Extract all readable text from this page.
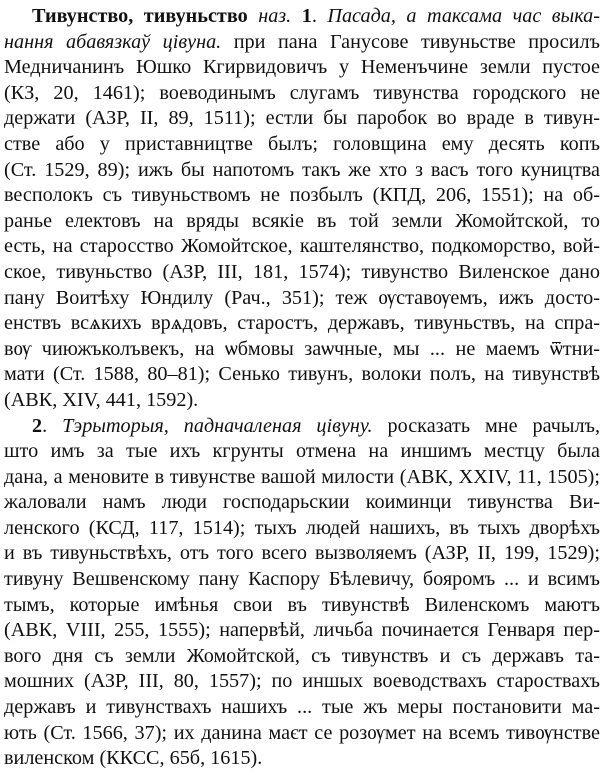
Тивунство, тивуньство наз. 1. Пасада, а таксама час выка-
нання абавязкаў цівуна. при пана Ганусове тивуньстве просилъ
Медничанинъ Юшко Кгирвидовичъ у Неменъчине земли пустое
(КЗ, 20, 1461); воеводинымъ слугамъ тивунства городского не
держати (АЗР, II, 89, 1511); естли бы паробок во враде в тивун-
стве або у приставництве былъ; головщина ему десять копъ
(Ст. 1529, 89); ижъ бы напотомъ такъ же хто з васъ того куництва
весполокъ съ тивуньствомъ не позбылъ (КПД, 206, 1551); на об-
ранье електовъ на вряды всякіе въ той земли Жомойтской, то
есть, на старосство Жомойтское, каштелянство, подкоморство, вой-
ское, тивуньство (АЗР, III, 181, 1574); тивунство Виленское дано
пану Воитѣху Юндилу (Рач., 351); теж ѹставѹемъ, ижъ досто-
енствъ всѧкихъ врѧдовъ, старостъ, державъ, тивуньствъ, на спра-
вѹ чиюжъколъвекъ, на ѡбмовы заѡчные, мы ... не маемъ ѿтни-
мати (Ст. 1588, 80–81); Сенько тивунъ, волоки полъ, на тивунствѣ
(АВК, XIV, 441, 1592).
2. Тэрыторыя, падначаленая цівуну. росказать мне рачылъ,
што имъ за тые ихъ кгрунты отмена на иншимъ местцу была
дана, а меновите в тивунстве вашой милости (АВК, XXIV, 11, 1505);
жаловали намъ люди господарьскии коиминци тивунства Ви-
ленского (КСД, 117, 1514); тыхъ людей нашихъ, въ тыхъ дворѣхъ
и въ тивуньствѣхъ, отъ того всего вызволяемъ (АЗР, II, 199, 1529);
тивуну Вешвенскому пану Каспору Бѣлевичу, бояромъ ... и всимъ
тымъ, которые имѣнья свои въ тивунствѣ Виленскомъ маютъ
(АВК, VIII, 255, 1555); напервѣй, личьба починается Генваря пер-
вого дня съ земли Жомойтской, съ тивунствъ и съ державъ та-
мошних (АЗР, III, 80, 1557); по иншых воеводствахъ староствахъ
державъ и тивунствахъ нашихъ ... тые жъ меры постановити ма-
ють (Ст. 1566, 37); их данина маєт се розѹмет на всемъ тивѹнстве
виленском (ККСС, 65б, 1615).
